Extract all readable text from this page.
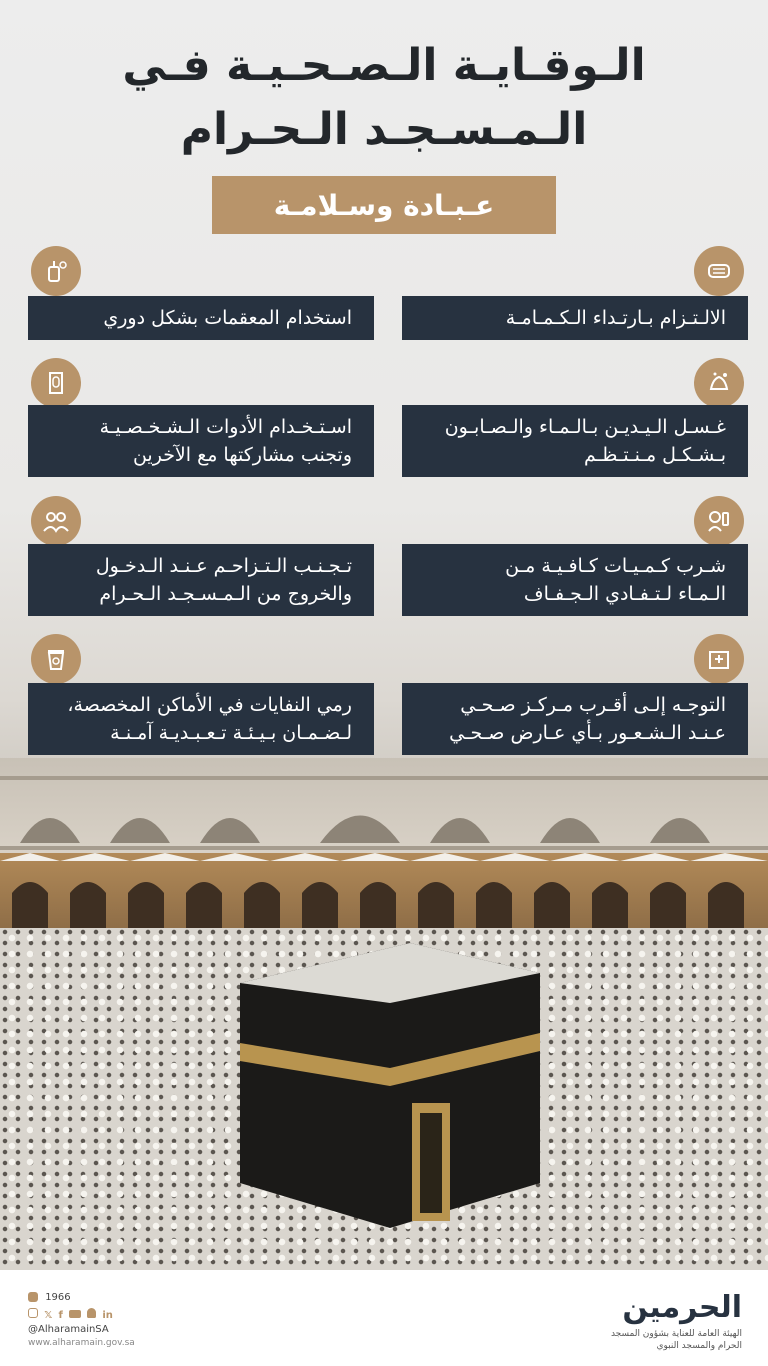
الـوقـايـة الـصـحـيـة فـي
الـمـسـجـد الـحـرام
عـبـادة وسـلامـة
الالـتـزام بـارتـداء الـكـمـامـة
غـسـل الـيـديـن بـالـمـاء والـصـابـون
بـشـكـل مـنـتـظـم
شـرب كـمـيـات كـافـيـة مـن
الـمـاء لـتـفـادي الـجـفـاف
التوجـه إلـى أقـرب مـركـز صـحـي
عـنـد الـشـعـور بـأي عـارض صـحـي
استخدام المعقمات بشكل دوري
اسـتـخـدام الأدوات الـشـخـصـيـة
وتجنب مشاركتها مع الآخرين
تـجـنـب الـتـزاحـم عـنـد الـدخـول
والخروج من الـمـسـجـد الـحـرام
رمي النفايات في الأماكن المخصصة،
لـضـمـان بـيـئـة تـعـبـديـة آمـنـة
1966
𝕏 f	in
@AlharamainSA
www.alharamain.gov.sa
الحرمين
الهيئة العامة للعناية بشؤون المسجد الحرام والمسجد النبوي
